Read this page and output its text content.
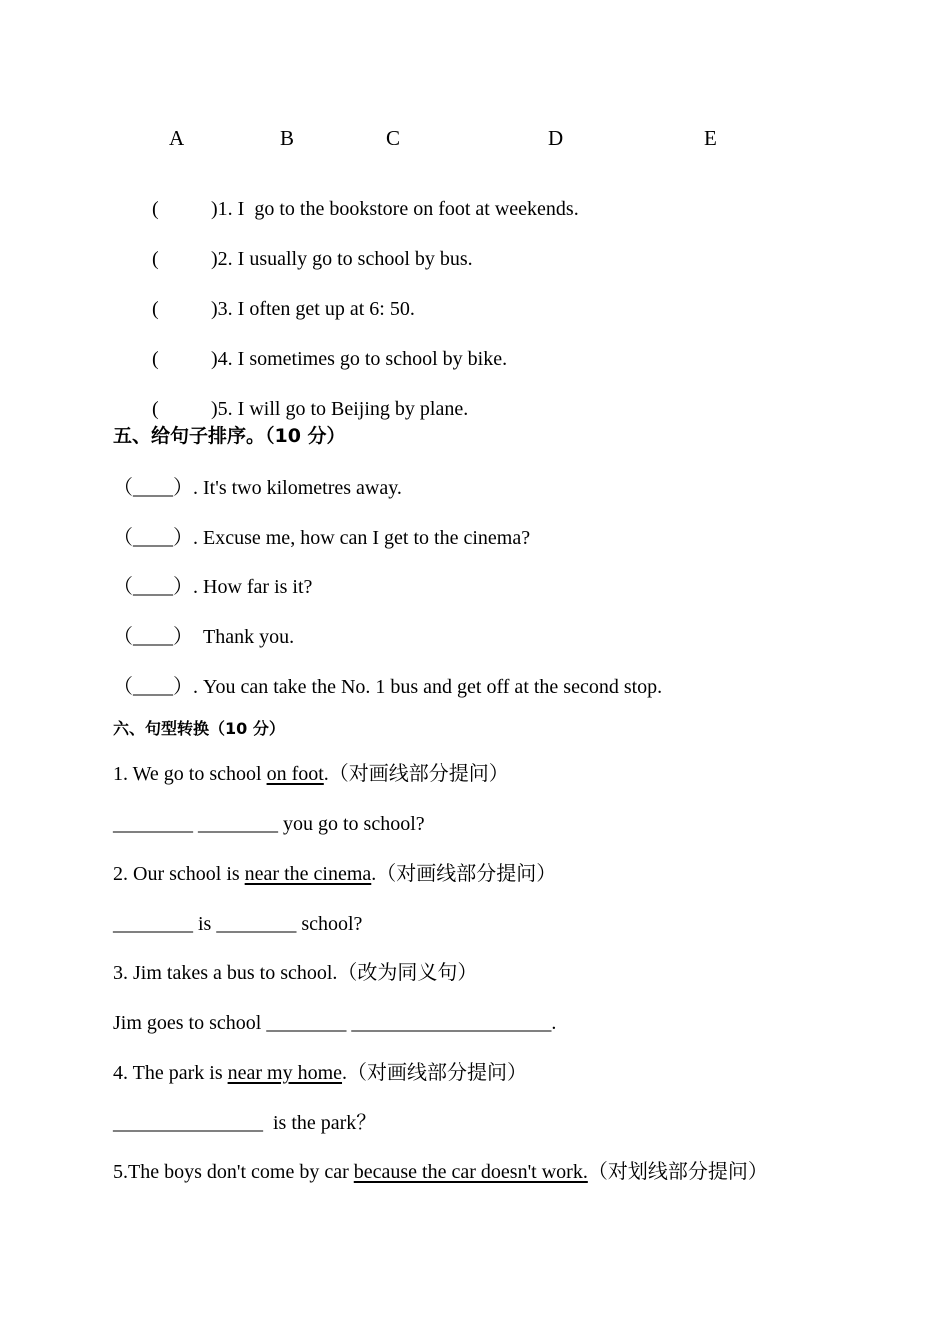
A	B	C	D	E

(
	)1. I  go to the bookstore on foot at weekends.

(
	)2. I usually go to school by bus.

(
	)3. I often get up at 6: 50.

(
	)4. I sometimes go to school by bike.

(
	)5. I will go to Beijing by plane.

五、给句子排序。（10 分）
（____）. It's two kilometres away.
（____）. Excuse me, how can I get to the cinema?
（____）. How far is it?
（____）  Thank you.
（____）. You can take the No. 1 bus and get off at the second stop.
六、句型转换（10 分）
1. We go to school on foot.（对画线部分提问）
________ ________ you go to school?
2. Our school is near the cinema.（对画线部分提问）
________ is ________ school?
3. Jim takes a bus to school.（改为同义句）
Jim goes to school ________ ____________________.
4. The park is near my home.（对画线部分提问）
_______________  is the park？
5.The boys don't come by car because the car doesn't work.（对划线部分提问）
